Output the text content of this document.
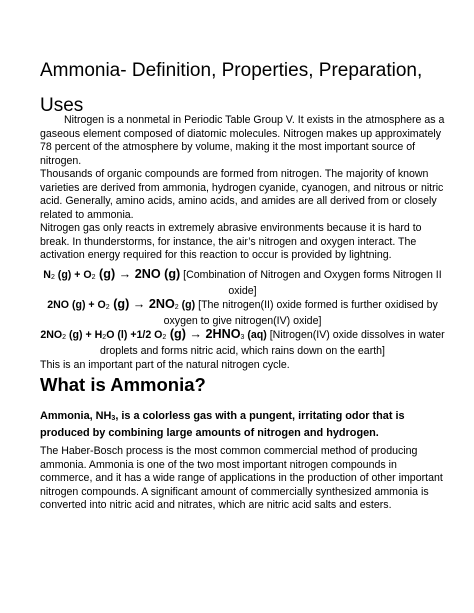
Ammonia- Definition, Properties, Preparation,
Uses

Nitrogen is a nonmetal in Periodic Table Group V. It exists in the atmosphere as a gaseous element composed of diatomic molecules. Nitrogen makes up approximately 78 percent of the atmosphere by volume, making it the most important source of nitrogen.

Thousands of organic compounds are formed from nitrogen. The majority of known varieties are derived from ammonia, hydrogen cyanide, cyanogen, and nitrous or nitric acid. Generally, amino acids, amino acids, and amides are all derived from or closely related to ammonia.

Nitrogen gas only reacts in extremely abrasive environments because it is hard to break. In thunderstorms, for instance, the air’s nitrogen and oxygen interact. The activation energy required for this reaction to occur is provided by lightning.

$N_2$ $(g) + O_2$ (g) → 2NO (g) [Combination of Nitrogen and Oxygen forms Nitrogen II oxide]

2NO $(g) + O_2$ $(g) \to 2NO_2$ (g) [The nitrogen(II) oxide formed is further oxidised by oxygen to give nitrogen(IV) oxide]

$2NO_2$ $(g) + H_2O$ (l) +1/2 $O_2$ $(g) \to 2HNO_3$ (aq) [Nitrogen(IV) oxide dissolves in water droplets and forms nitric acid, which rains down on the earth]

This is an important part of the natural nitrogen cycle.

What is Ammonia?

Ammonia, $NH_3$, is a colorless gas with a pungent, irritating odor that is produced by combining large amounts of nitrogen and hydrogen.

The Haber-Bosch process is the most common commercial method of producing ammonia. Ammonia is one of the two most important nitrogen compounds in commerce, and it has a wide range of applications in the production of other important nitrogen compounds. A significant amount of commercially synthesized ammonia is converted into nitric acid and nitrates, which are nitric acid salts and esters.
